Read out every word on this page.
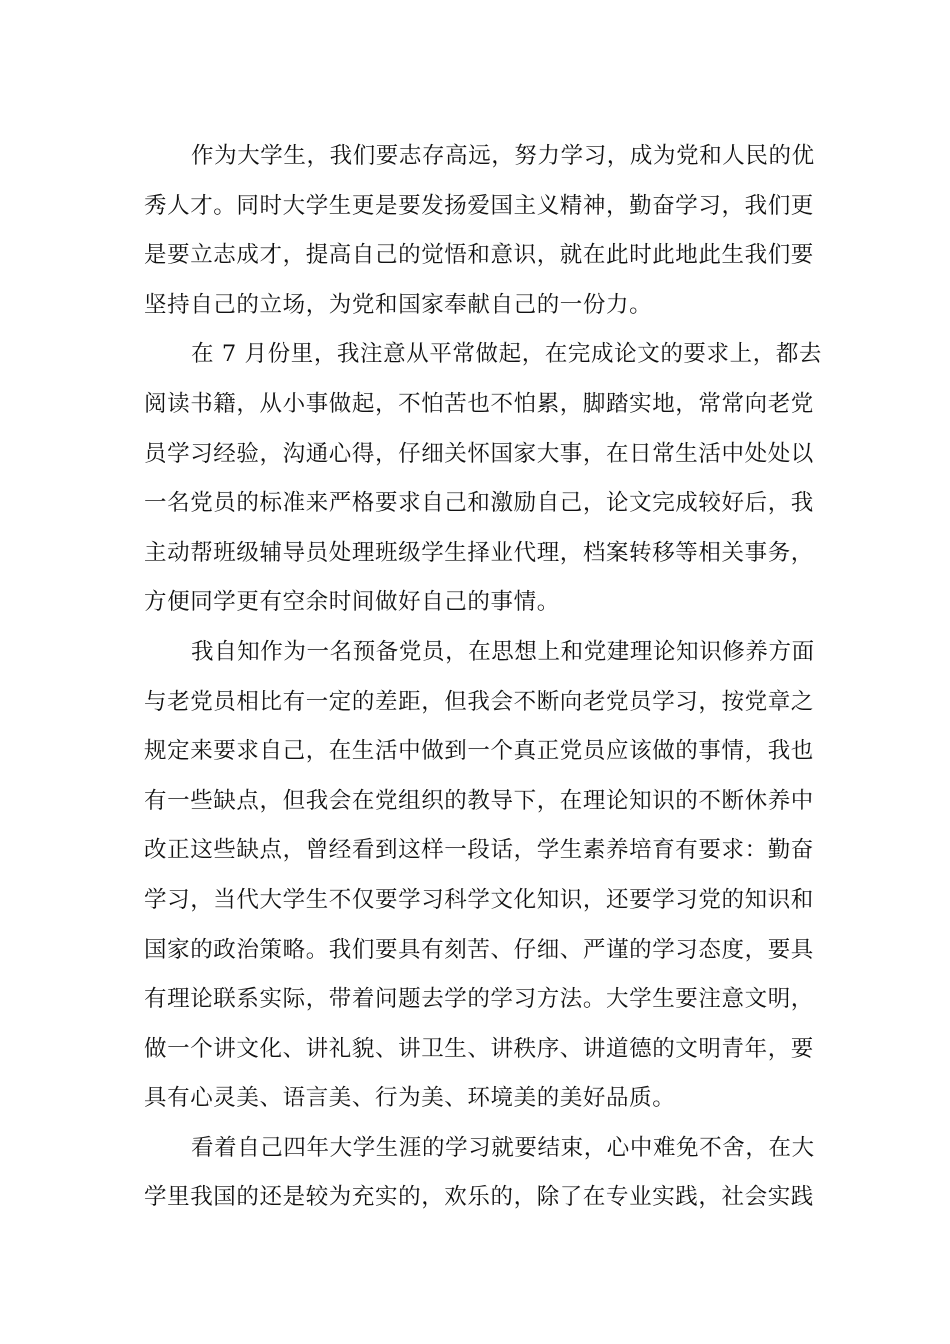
作为大学生，我们要志存高远，努力学习，成为党和人民的优
秀人才。同时大学生更是要发扬爱国主义精神，勤奋学习，我们更
是要立志成才，提高自己的觉悟和意识，就在此时此地此生我们要
坚持自己的立场，为党和国家奉献自己的一份力。
在 7 月份里，我注意从平常做起，在完成论文的要求上，都去
阅读书籍，从小事做起，不怕苦也不怕累，脚踏实地，常常向老党
员学习经验，沟通心得，仔细关怀国家大事，在日常生活中处处以
一名党员的标准来严格要求自己和激励自己，论文完成较好后，我
主动帮班级辅导员处理班级学生择业代理，档案转移等相关事务，
方便同学更有空余时间做好自己的事情。
我自知作为一名预备党员，在思想上和党建理论知识修养方面
与老党员相比有一定的差距，但我会不断向老党员学习，按党章之
规定来要求自己，在生活中做到一个真正党员应该做的事情，我也
有一些缺点，但我会在党组织的教导下，在理论知识的不断休养中
改正这些缺点，曾经看到这样一段话，学生素养培育有要求：勤奋
学习，当代大学生不仅要学习科学文化知识，还要学习党的知识和
国家的政治策略。我们要具有刻苦、仔细、严谨的学习态度，要具
有理论联系实际，带着问题去学的学习方法。大学生要注意文明，
做一个讲文化、讲礼貌、讲卫生、讲秩序、讲道德的文明青年，要
具有心灵美、语言美、行为美、环境美的美好品质。
看着自己四年大学生涯的学习就要结束，心中难免不舍，在大
学里我国的还是较为充实的，欢乐的，除了在专业实践，社会实践
